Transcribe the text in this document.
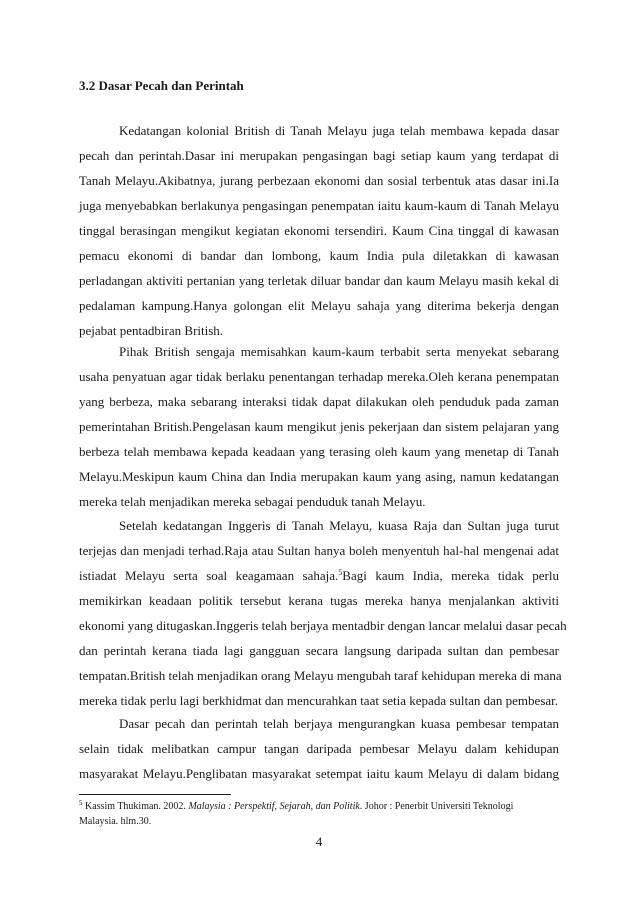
3.2 Dasar Pecah dan Perintah
Kedatangan kolonial British di Tanah Melayu juga telah membawa kepada dasar
pecah dan perintah.Dasar ini merupakan pengasingan bagi setiap kaum yang terdapat di
Tanah Melayu.Akibatnya, jurang perbezaan ekonomi dan sosial terbentuk atas dasar ini.Ia
juga menyebabkan berlakunya pengasingan penempatan iaitu kaum-kaum di Tanah Melayu
tinggal berasingan mengikut kegiatan ekonomi tersendiri. Kaum Cina tinggal di kawasan
pemacu ekonomi di bandar dan lombong, kaum India pula diletakkan di kawasan
perladangan aktiviti pertanian yang terletak diluar bandar dan kaum Melayu masih kekal di
pedalaman kampung.Hanya golongan elit Melayu sahaja yang diterima bekerja dengan
pejabat pentadbiran British.
Pihak British sengaja memisahkan kaum-kaum terbabit serta menyekat sebarang
usaha penyatuan agar tidak berlaku penentangan terhadap mereka.Oleh kerana penempatan
yang berbeza, maka sebarang interaksi tidak dapat dilakukan oleh penduduk pada zaman
pemerintahan British.Pengelasan kaum mengikut jenis pekerjaan dan sistem pelajaran yang
berbeza telah membawa kepada keadaan yang terasing oleh kaum yang menetap di Tanah
Melayu.Meskipun kaum China dan India merupakan kaum yang asing, namun kedatangan
mereka telah menjadikan mereka sebagai penduduk tanah Melayu.
Setelah kedatangan Inggeris di Tanah Melayu, kuasa Raja dan Sultan juga turut
terjejas dan menjadi terhad.Raja atau Sultan hanya boleh menyentuh hal-hal mengenai adat
istiadat Melayu serta soal keagamaan sahaja.$^5$Bagi kaum India, mereka tidak perlu
memikirkan keadaan politik tersebut kerana tugas mereka hanya menjalankan aktiviti
ekonomi yang ditugaskan.Inggeris telah berjaya mentadbir dengan lancar melalui dasar pecah
dan perintah kerana tiada lagi gangguan secara langsung daripada sultan dan pembesar
tempatan.British telah menjadikan orang Melayu mengubah taraf kehidupan mereka di mana
mereka tidak perlu lagi berkhidmat dan mencurahkan taat setia kepada sultan dan pembesar.
Dasar pecah dan perintah telah berjaya mengurangkan kuasa pembesar tempatan
selain tidak melibatkan campur tangan daripada pembesar Melayu dalam kehidupan
masyarakat Melayu.Penglibatan masyarakat setempat iaitu kaum Melayu di dalam bidang
$^5$ Kassim Thukiman. 2002. Malaysia : Perspektif, Sejarah, dan Politik. Johor : Penerbit Universiti Teknologi
Malaysia. hlm.30.
4
